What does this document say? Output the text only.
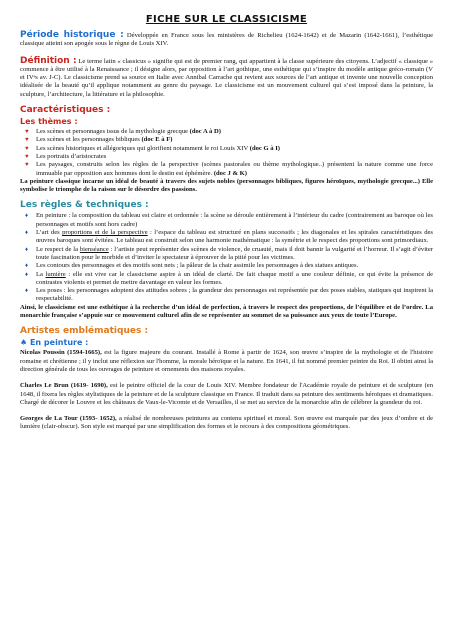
FICHE SUR LE CLASSICISME

Période historique : Développée en France sous les ministères de Richelieu (1624-1642) et de Mazarin (1642-1661), l’esthétique classique atteint son apogée sous le règne de Louis XIV.

Définition : Le terme latin « classicus » signifie qui est de premier rang, qui appartient à la classe supérieure des citoyens. L’adjectif « classique » commence à être utilisé à la Renaissance ; il désigne alors, par opposition à l’art gothique, une esthétique qui s’inspire du modèle antique gréco-romain (V et IVᵉs av. J-C). Le classicisme prend sa source en Italie avec Annibal Carrache qui revient aux sources de l’art antique et invente une nouvelle conception idéalisée de la beauté qu’il applique notamment au genre du paysage. Le classicisme est un mouvement culturel qui s’est imposé dans la peinture, la sculpture, l’architecture, la littérature et la philosophie.

Caractéristiques :
Les thèmes :
♥ Les scènes et personnages issus de la mythologie grecque (doc A à D)
♥ Les scènes et les personnages bibliques (doc E à F)
♥ Les scènes historiques et allégoriques qui glorifient notamment le roi Louis XIV (doc G à I)
♥ Les portraits d’aristocrates
♥ Les paysages, construits selon les règles de la perspective (scènes pastorales ou thème mythologique..) présentent la nature comme une force immuable par opposition aux hommes dont le destin est éphémère. (doc J & K)

La peinture classique incarne un idéal de beauté à travers des sujets nobles (personnages bibliques, figures héroïques, mythologie grecque...) Elle symbolise le triomphe de la raison sur le désordre des passions.

Les règles & techniques :
♦ En peinture : la composition du tableau est claire et ordonnée : la scène se déroule entièrement à l’intérieur du cadre (contrairement au baroque où les personnages et motifs sont hors cadre)
♦ L’art des proportions et de la perspective : l’espace du tableau est structuré en plans successifs ; les diagonales et les spirales caractéristiques des œuvres baroques sont évitées. Le tableau est construit selon une harmonie mathématique : la symétrie et le respect des proportions sont primordiaux.
♦ Le respect de la bienséance : l’artiste peut représenter des scènes de violence, de cruauté, mais il doit bannir la vulgarité et l’horreur. Il s’agit d’éviter toute fascination pour le morbide et d’inviter le spectateur à éprouver de la pitié pour les victimes.
♦ Les contours des personnages et des motifs sont nets ; la pâleur de la chair assimile les personnages à des statues antiques.
♦ La lumière : elle est vive car le classicisme aspire à un idéal de clarté. De fait chaque motif a une couleur définie, ce qui évite la présence de contrastes violents et permet de mettre davantage en valeur les formes.
♦ Les poses : les personnages adoptent des attitudes sobres ; la grandeur des personnages est représentée par des poses stables, statiques qui inspirent la respectabilité.

Ainsi, le classicisme est une esthétique à la recherche d’un idéal de perfection, à travers le respect des proportions, de l’équilibre et de l’ordre. La monarchie française s’appuie sur ce mouvement culturel afin de se représenter au sommet de sa puissance aux yeux de toute l’Europe.

Artistes emblématiques :
♠ En peinture :

Nicolas Poussin (1594-1665), est la figure majeure du courant. Installé à Rome à partir de 1624, son œuvre s’inspire de la mythologie et de l'histoire romaine et chrétienne ; il y inclut une réflexion sur l'homme, la morale héroïque et la nature. En 1641, il fut nommé premier peintre du Roi. Il obtint ainsi la direction générale de tous les ouvrages de peinture et ornements des maisons royales.

Charles Le Brun (1619- 1690), est le peintre officiel de la cour de Louis XIV. Membre fondateur de l'Académie royale de peinture et de sculpture (en 1648, il fixera les règles stylistiques de la peinture et de la sculpture classique en France. Il traduit dans sa peinture des sentiments héroïques et dramatiques. Chargé de décorer le Louvre et les châteaux de Vaux-le-Vicomte et de Versailles, il se met au service de la monarchie afin de célébrer la grandeur du roi.

Georges de La Tour (1593- 1652), a réalisé de nombreuses peintures au contenu spirituel et moral. Son œuvre est marquée par des jeux d’ombre et de lumière (clair-obscur). Son style est marqué par une simplification des formes et le recours à des compositions géométriques.
